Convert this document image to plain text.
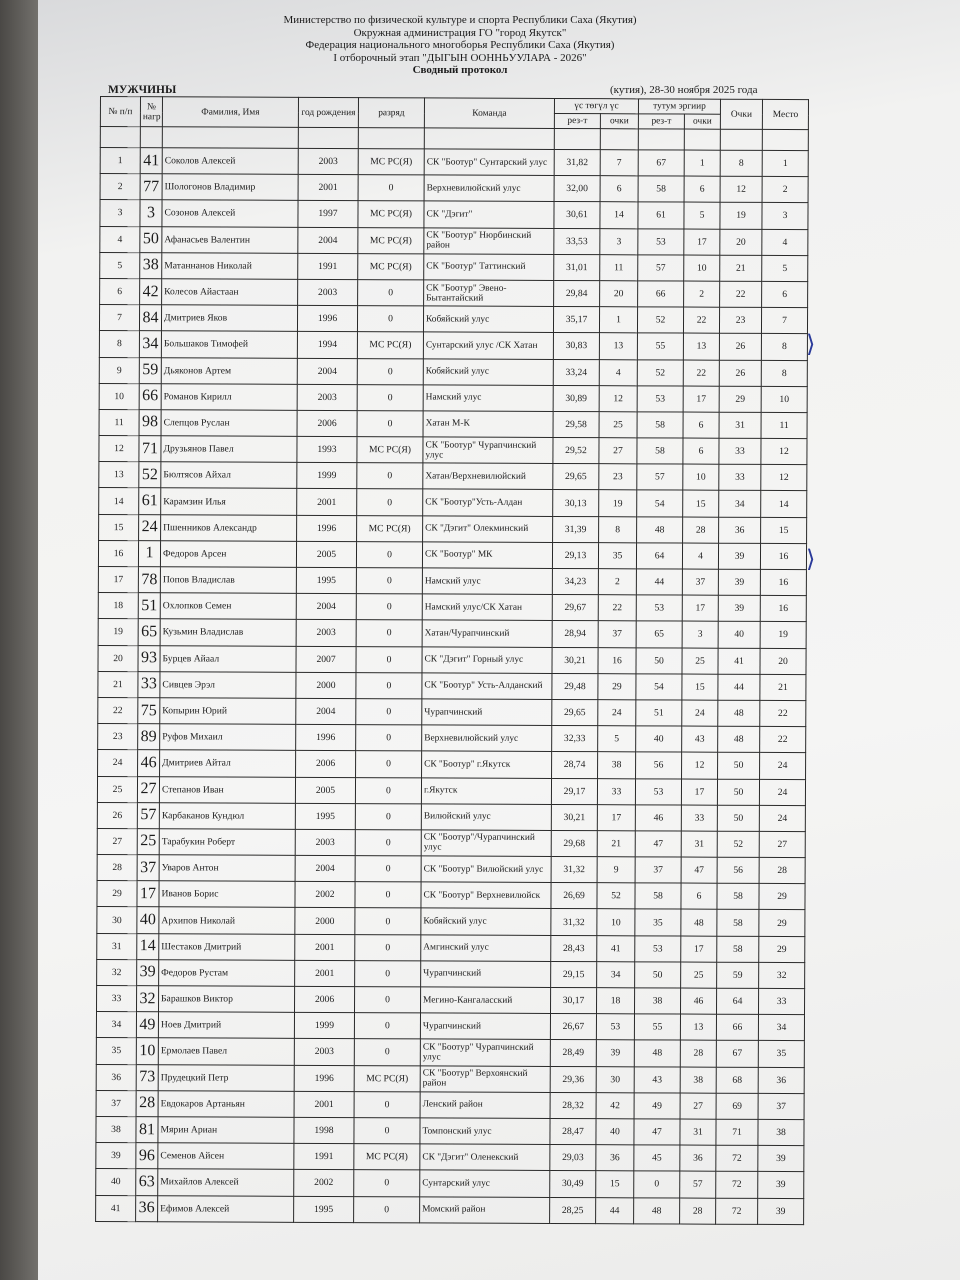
Министерство по физической культуре и спорта Республики Саха (Якутия)
Окружная администрация ГО "город Якутск"
Федерация национального многоборья Республики Саха (Якутия)
I отборочный этап "ДЫГЫН ООННЬУУЛАРА - 2026"
Сводный протокол
МУЖЧИНЫ	(кутия), 28-30 ноября 2025 года
№ п/п	№ нагр	Фамилия, Имя	год рождения	разряд	Команда	үс төгүл үс		тутум эргиир		Очки	Место
						рез-т	очки	рез-т	очки		

1	41	Соколов Алексей	2003	МС РС(Я)	СК "Боотур" Сунтарский улус	31,82	7	67	1	8	1
2	77	Шологонов Владимир	2001	0	Верхневилюйский улус	32,00	6	58	6	12	2
3	3	Созонов Алексей	1997	МС РС(Я)	СК "Дэгит"	30,61	14	61	5	19	3
4	50	Афанасьев Валентин	2004	МС РС(Я)	СК "Боотур" Нюрбинский район	33,53	3	53	17	20	4
5	38	Матаннанов Николай	1991	МС РС(Я)	СК "Боотур" Таттинский	31,01	11	57	10	21	5
6	42	Колесов Айастаан	2003	0	СК "Боотур" Эвено-Бытантайский	29,84	20	66	2	22	6
7	84	Дмитриев Яков	1996	0	Кобяйский улус	35,17	1	52	22	23	7
8	34	Большаков Тимофей	1994	МС РС(Я)	Сунтарский улус /СК Хатан	30,83	13	55	13	26	8
9	59	Дьяконов Артем	2004	0	Кобяйский улус	33,24	4	52	22	26	8
10	66	Романов Кирилл	2003	0	Намский улус	30,89	12	53	17	29	10
11	98	Слепцов Руслан	2006	0	Хатан М-К	29,58	25	58	6	31	11
12	71	Друзьянов Павел	1993	МС РС(Я)	СК "Боотур" Чурапчинский улус	29,52	27	58	6	33	12
13	52	Бюлтясов Айхал	1999	0	Хатан/Верхневилюйский	29,65	23	57	10	33	12
14	61	Карамзин Илья	2001	0	СК "Боотур"Усть-Алдан	30,13	19	54	15	34	14
15	24	Пшенников Александр	1996	МС РС(Я)	СК "Дэгит" Олекминский	31,39	8	48	28	36	15
16	1	Федоров Арсен	2005	0	СК "Боотур" МК	29,13	35	64	4	39	16
17	78	Попов Владислав	1995	0	Намский улус	34,23	2	44	37	39	16
18	51	Охлопков Семен	2004	0	Намский улус/СК Хатан	29,67	22	53	17	39	16
19	65	Кузьмин Владислав	2003	0	Хатан/Чурапчинский	28,94	37	65	3	40	19
20	93	Бурцев Айаал	2007	0	СК "Дэгит" Горный улус	30,21	16	50	25	41	20
21	33	Сивцев Эрэл	2000	0	СК "Боотур" Усть-Алданский	29,48	29	54	15	44	21
22	75	Копырин Юрий	2004	0	Чурапчинский	29,65	24	51	24	48	22
23	89	Руфов Михаил	1996	0	Верхневилюйский улус	32,33	5	40	43	48	22
24	46	Дмитриев Айтал	2006	0	СК "Боотур" г.Якутск	28,74	38	56	12	50	24
25	27	Степанов Иван	2005	0	г.Якутск	29,17	33	53	17	50	24
26	57	Карбаканов Кундюл	1995	0	Вилюйский улус	30,21	17	46	33	50	24
27	25	Тарабукин Роберт	2003	0	СК "Боотур"/Чурапчинский улус	29,68	21	47	31	52	27
28	37	Уваров Антон	2004	0	СК "Боотур" Вилюйский улус	31,32	9	37	47	56	28
29	17	Иванов Борис	2002	0	СК "Боотур" Верхневилюйск	26,69	52	58	6	58	29
30	40	Архипов Николай	2000	0	Кобяйский улус	31,32	10	35	48	58	29
31	14	Шестаков Дмитрий	2001	0	Амгинский улус	28,43	41	53	17	58	29
32	39	Федоров Рустам	2001	0	Чурапчинский	29,15	34	50	25	59	32
33	32	Барашков Виктор	2006	0	Мегино-Кангаласский	30,17	18	38	46	64	33
34	49	Ноев Дмитрий	1999	0	Чурапчинский	26,67	53	55	13	66	34
35	10	Ермолаев Павел	2003	0	СК "Боотур" Чурапчинский улус	28,49	39	48	28	67	35
36	73	Прудецкий Петр	1996	МС РС(Я)	СК "Боотур" Верхоянский район	29,36	30	43	38	68	36
37	28	Евдокаров Артаньян	2001	0	Ленский район	28,32	42	49	27	69	37
38	81	Мярин Ариан	1998	0	Томпонский улус	28,47	40	47	31	71	38
39	96	Семенов Айсен	1991	МС РС(Я)	СК "Дэгит" Оленекский	29,03	36	45	36	72	39
40	63	Михайлов Алексей	2002	0	Сунтарский улус	30,49	15	0	57	72	39
41	36	Ефимов Алексей	1995	0	Момский район	28,25	44	48	28	72	39
⟩
⟩
